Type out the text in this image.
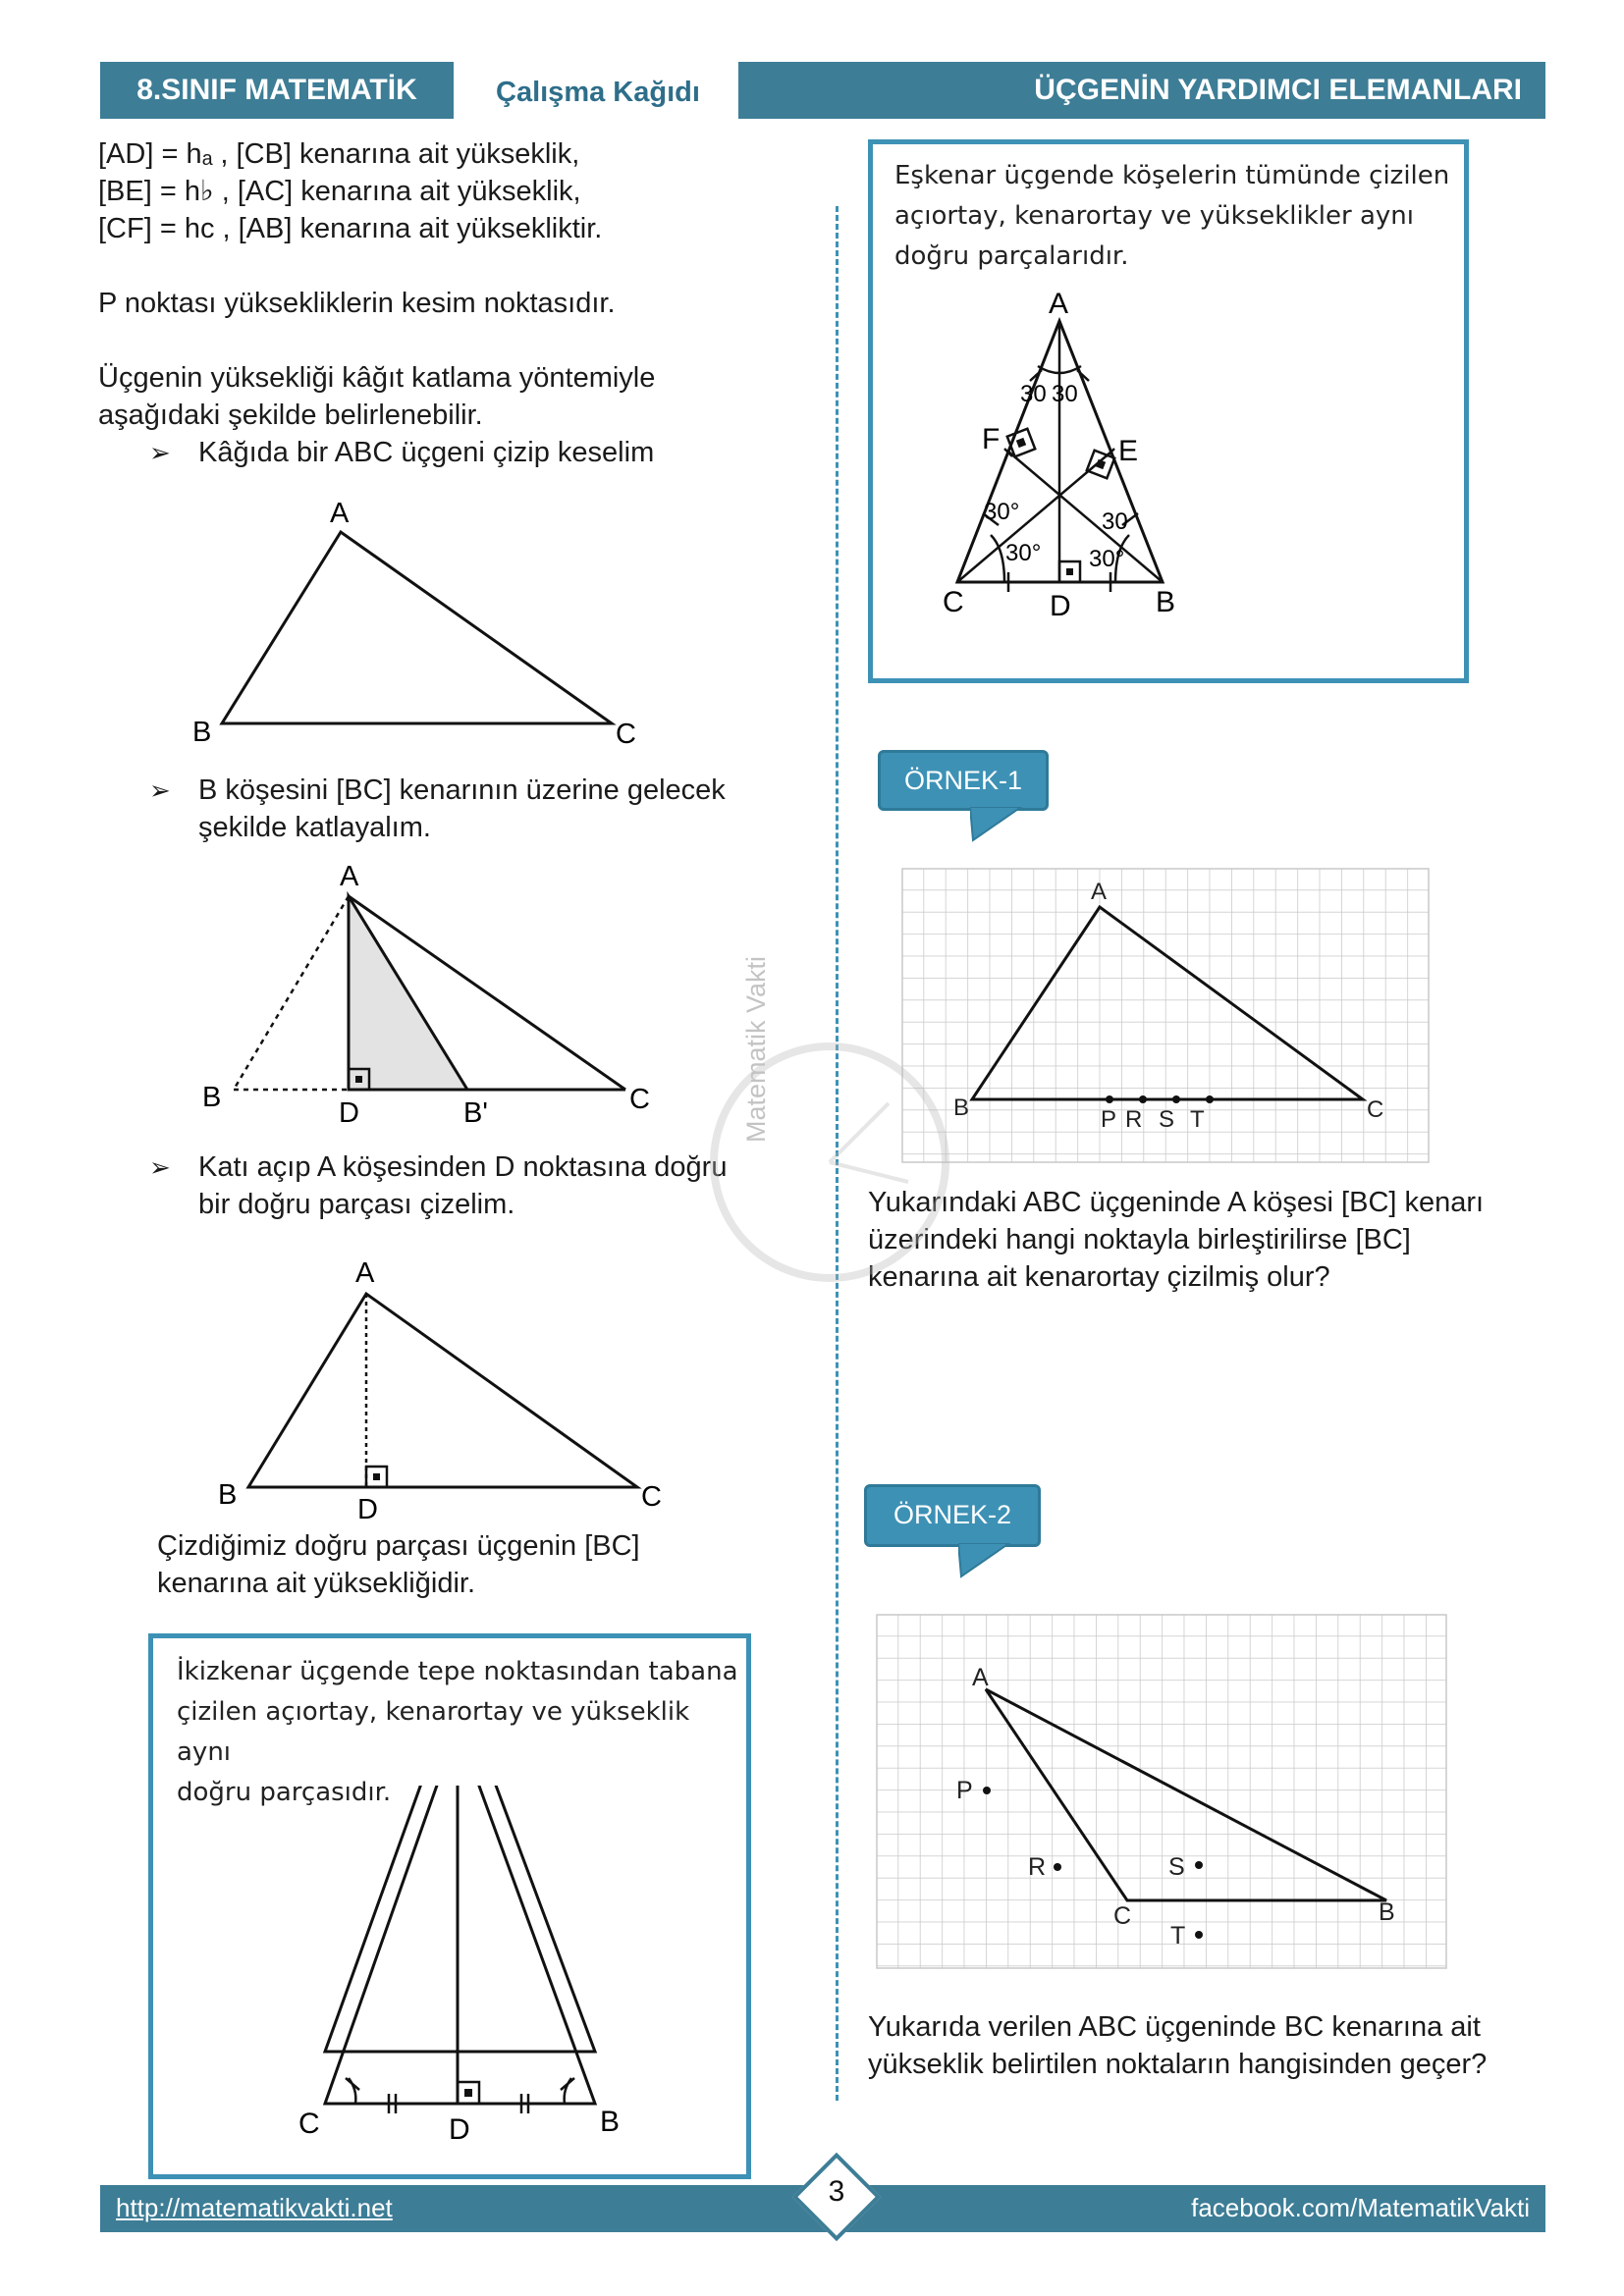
8.SINIF MATEMATİK	Çalışma Kağıdı	ÜÇGENİN YARDIMCI ELEMANLARI
[AD] = hₐ , [CB] kenarına ait yükseklik,
[BE] = h♭ , [AC] kenarına ait yükseklik,
[CF] = hᴄ , [AB] kenarına ait yüksekliktir.
P noktası yüksekliklerin kesim noktasıdır.
Üçgenin yüksekliği kâğıt katlama yöntemiyle
aşağıdaki şekilde belirlenebilir.
➢ Kâğıda bir ABC üçgeni çizip keselim
A
B	C
➢ B köşesini [BC] kenarının üzerine gelecek
şekilde katlayalım.
A
B	D	B'	C
➢ Katı açıp A köşesinden D noktasına doğru
bir doğru parçası çizelim.
A
B	D	C
Çizdiğimiz doğru parçası üçgenin [BC]
kenarına ait yüksekliğidir.
İkizkenar üçgende tepe noktasından tabana
çizilen açıortay, kenarortay ve yükseklik aynı
doğru parçasıdır.
C	D	B
Eşkenar üçgende köşelerin tümünde çizilen
açıortay, kenarortay ve yükseklikler aynı
doğru parçalarıdır.
A
F	E
C	D	B
30 30
30°
30°
30
30°
ÖRNEK-1
A
B	C
P R S T
Yukarındaki ABC üçgeninde A köşesi [BC] kenarı
üzerindeki hangi noktayla birleştirilirse [BC]
kenarına ait kenarortay çizilmiş olur?
Matematik Vakti
ÖRNEK-2
A
P
R	S
C	B
T
Yukarıda verilen ABC üçgeninde BC kenarına ait
yükseklik belirtilen noktaların hangisinden geçer?
http://matematikvakti.net	facebook.com/MatematikVakti
3
